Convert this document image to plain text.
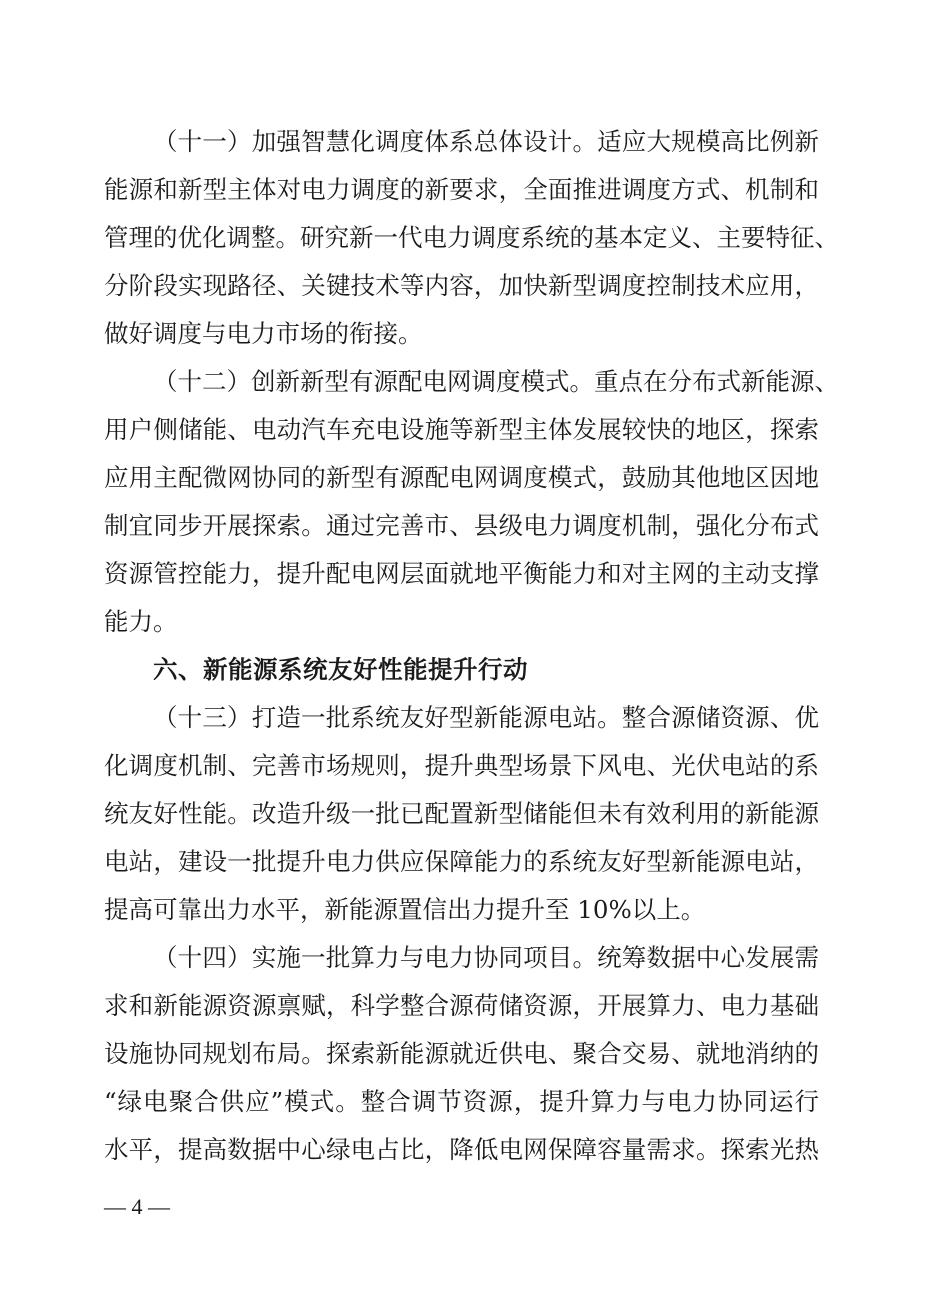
（十一）加强智慧化调度体系总体设计。适应大规模高比例新
能源和新型主体对电力调度的新要求，全面推进调度方式、机制和
管理的优化调整。研究新一代电力调度系统的基本定义、主要特征、
分阶段实现路径、关键技术等内容，加快新型调度控制技术应用，
做好调度与电力市场的衔接。
（十二）创新新型有源配电网调度模式。重点在分布式新能源、
用户侧储能、电动汽车充电设施等新型主体发展较快的地区，探索
应用主配微网协同的新型有源配电网调度模式，鼓励其他地区因地
制宜同步开展探索。通过完善市、县级电力调度机制，强化分布式
资源管控能力，提升配电网层面就地平衡能力和对主网的主动支撑
能力。
六、新能源系统友好性能提升行动
（十三）打造一批系统友好型新能源电站。整合源储资源、优
化调度机制、完善市场规则，提升典型场景下风电、光伏电站的系
统友好性能。改造升级一批已配置新型储能但未有效利用的新能源
电站，建设一批提升电力供应保障能力的系统友好型新能源电站，
提高可靠出力水平，新能源置信出力提升至 10%以上。
（十四）实施一批算力与电力协同项目。统筹数据中心发展需
求和新能源资源禀赋，科学整合源荷储资源，开展算力、电力基础
设施协同规划布局。探索新能源就近供电、聚合交易、就地消纳的
“绿电聚合供应”模式。整合调节资源，提升算力与电力协同运行
水平，提高数据中心绿电占比，降低电网保障容量需求。探索光热
— 4 —
